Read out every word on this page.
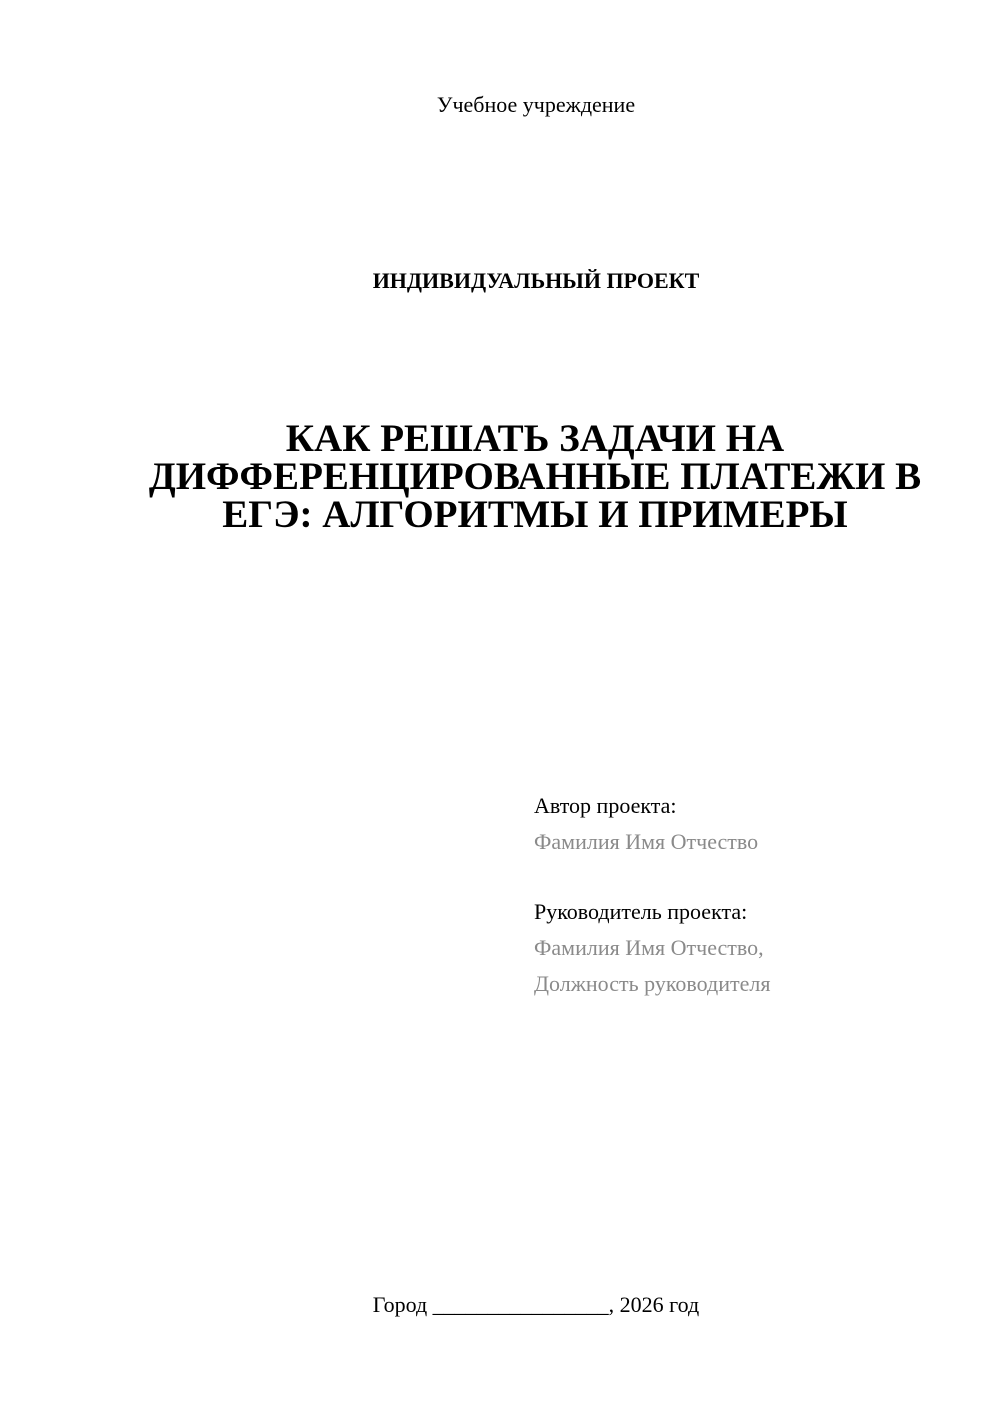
Учебное учреждение
ИНДИВИДУАЛЬНЫЙ ПРОЕКТ
КАК РЕШАТЬ ЗАДАЧИ НА
ДИФФЕРЕНЦИРОВАННЫЕ ПЛАТЕЖИ В
ЕГЭ: АЛГОРИТМЫ И ПРИМЕРЫ
Автор проекта:
Фамилия Имя Отчество
Руководитель проекта:
Фамилия Имя Отчество,
Должность руководителя
Город ________________, 2026 год
